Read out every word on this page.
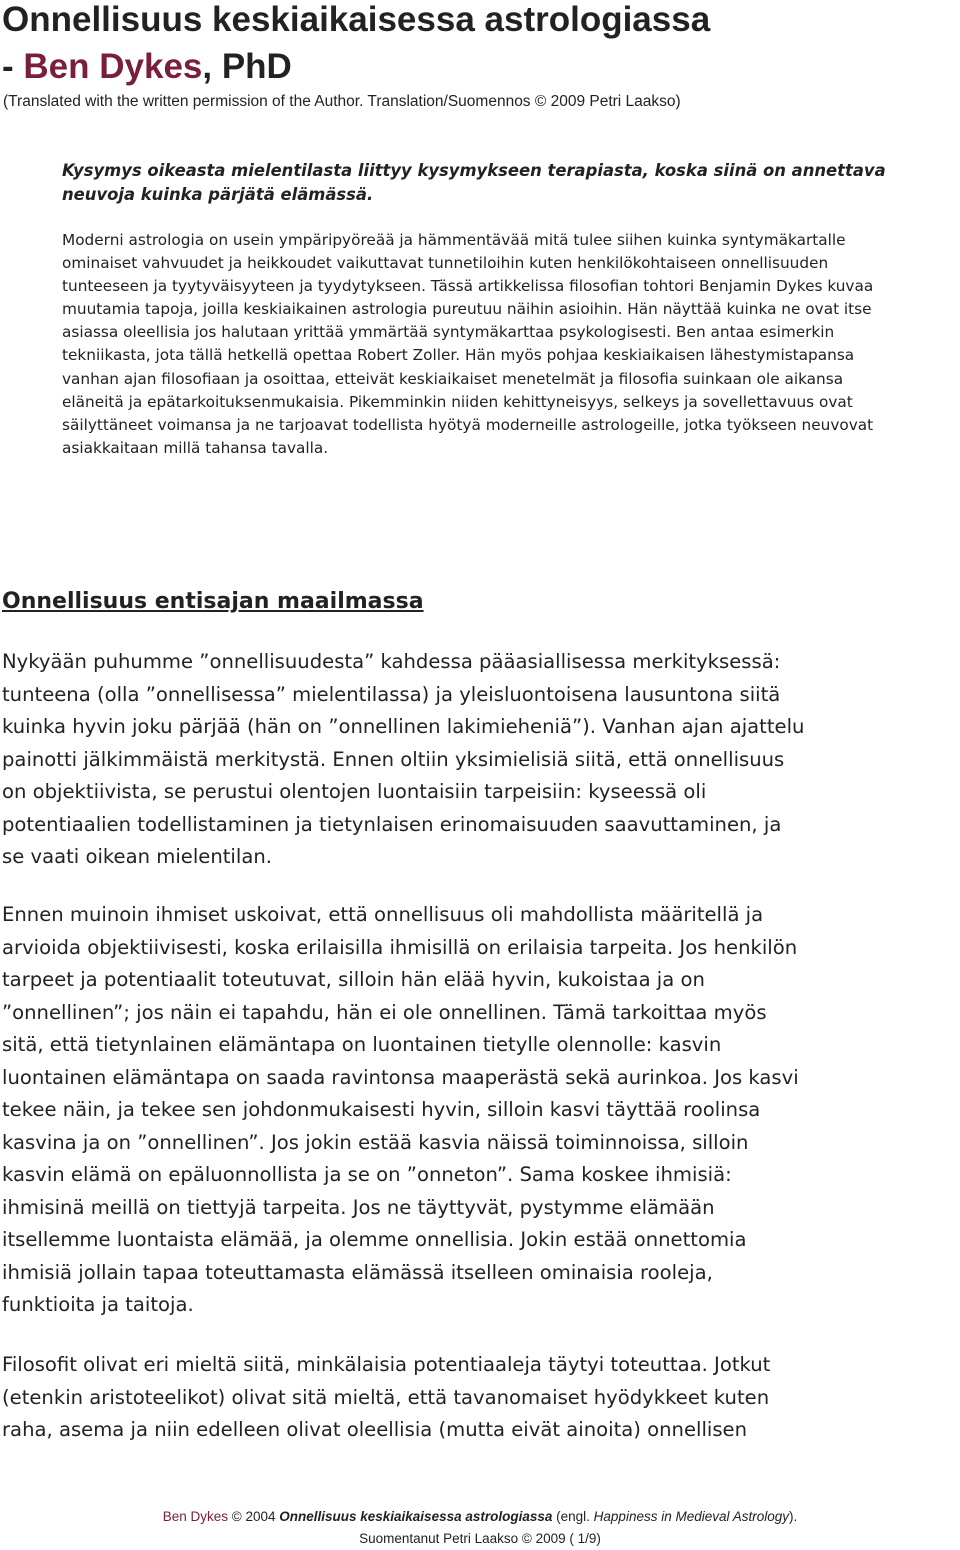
Onnellisuus keskiaikaisessa astrologiassa
- Ben Dykes, PhD

(Translated with the written permission of the Author. Translation/Suomennos © 2009 Petri Laakso)

Kysymys oikeasta mielentilasta liittyy kysymykseen terapiasta, koska siinä on annettava neuvoja kuinka pärjätä elämässä.

Moderni astrologia on usein ympäripyöreää ja hämmentävää mitä tulee siihen kuinka syntymäkartalle ominaiset vahvuudet ja heikkoudet vaikuttavat tunnetiloihin kuten henkilökohtaiseen onnellisuuden tunteeseen ja tyytyväisyyteen ja tyydytykseen. Tässä artikkelissa filosofian tohtori Benjamin Dykes kuvaa muutamia tapoja, joilla keskiaikainen astrologia pureutuu näihin asioihin. Hän näyttää kuinka ne ovat itse asiassa oleellisia jos halutaan yrittää ymmärtää syntymäkarttaa psykologisesti. Ben antaa esimerkin tekniikasta, jota tällä hetkellä opettaa Robert Zoller. Hän myös pohjaa keskiaikaisen lähestymistapansa vanhan ajan filosofiaan ja osoittaa, etteivät keskiaikaiset menetelmät ja filosofia suinkaan ole aikansa eläneitä ja epätarkoituksenmukaisia. Pikemminkin niiden kehittyneisyys, selkeys ja sovellettavuus ovat säilyttäneet voimansa ja ne tarjoavat todellista hyötyä moderneille astrologeille, jotka työkseen neuvovat asiakkaitaan millä tahansa tavalla.

Onnellisuus entisajan maailmassa

Nykyään puhumme ”onnellisuudesta” kahdessa pääasiallisessa merkityksessä:
tunteena (olla ”onnellisessa” mielentilassa) ja yleisluontoisena lausuntona siitä
kuinka hyvin joku pärjää (hän on ”onnellinen lakimieheniä”). Vanhan ajan ajattelu
painotti jälkimmäistä merkitystä. Ennen oltiin yksimielisiä siitä, että onnellisuus
on objektiivista, se perustui olentojen luontaisiin tarpeisiin: kyseessä oli
potentiaalien todellistaminen ja tietynlaisen erinomaisuuden saavuttaminen, ja
se vaati oikean mielentilan.

Ennen muinoin ihmiset uskoivat, että onnellisuus oli mahdollista määritellä ja
arvioida objektiivisesti, koska erilaisilla ihmisillä on erilaisia tarpeita. Jos henkilön
tarpeet ja potentiaalit toteutuvat, silloin hän elää hyvin, kukoistaa ja on
”onnellinen”; jos näin ei tapahdu, hän ei ole onnellinen. Tämä tarkoittaa myös
sitä, että tietynlainen elämäntapa on luontainen tietylle olennolle: kasvin
luontainen elämäntapa on saada ravintonsa maaperästä sekä aurinkoa. Jos kasvi
tekee näin, ja tekee sen johdonmukaisesti hyvin, silloin kasvi täyttää roolinsa
kasvina ja on ”onnellinen”. Jos jokin estää kasvia näissä toiminnoissa, silloin
kasvin elämä on epäluonnollista ja se on ”onneton”. Sama koskee ihmisiä:
ihmisinä meillä on tiettyjä tarpeita. Jos ne täyttyvät, pystymme elämään
itsellemme luontaista elämää, ja olemme onnellisia. Jokin estää onnettomia
ihmisiä jollain tapaa toteuttamasta elämässä itselleen ominaisia rooleja,
funktioita ja taitoja.

Filosofit olivat eri mieltä siitä, minkälaisia potentiaaleja täytyi toteuttaa. Jotkut
(etenkin aristoteelikot) olivat sitä mieltä, että tavanomaiset hyödykkeet kuten
raha, asema ja niin edelleen olivat oleellisia (mutta eivät ainoita) onnellisen

Ben Dykes © 2004 Onnellisuus keskiaikaisessa astrologiassa (engl. Happiness in Medieval Astrology).
Suomentanut Petri Laakso © 2009 ( 1/9)
